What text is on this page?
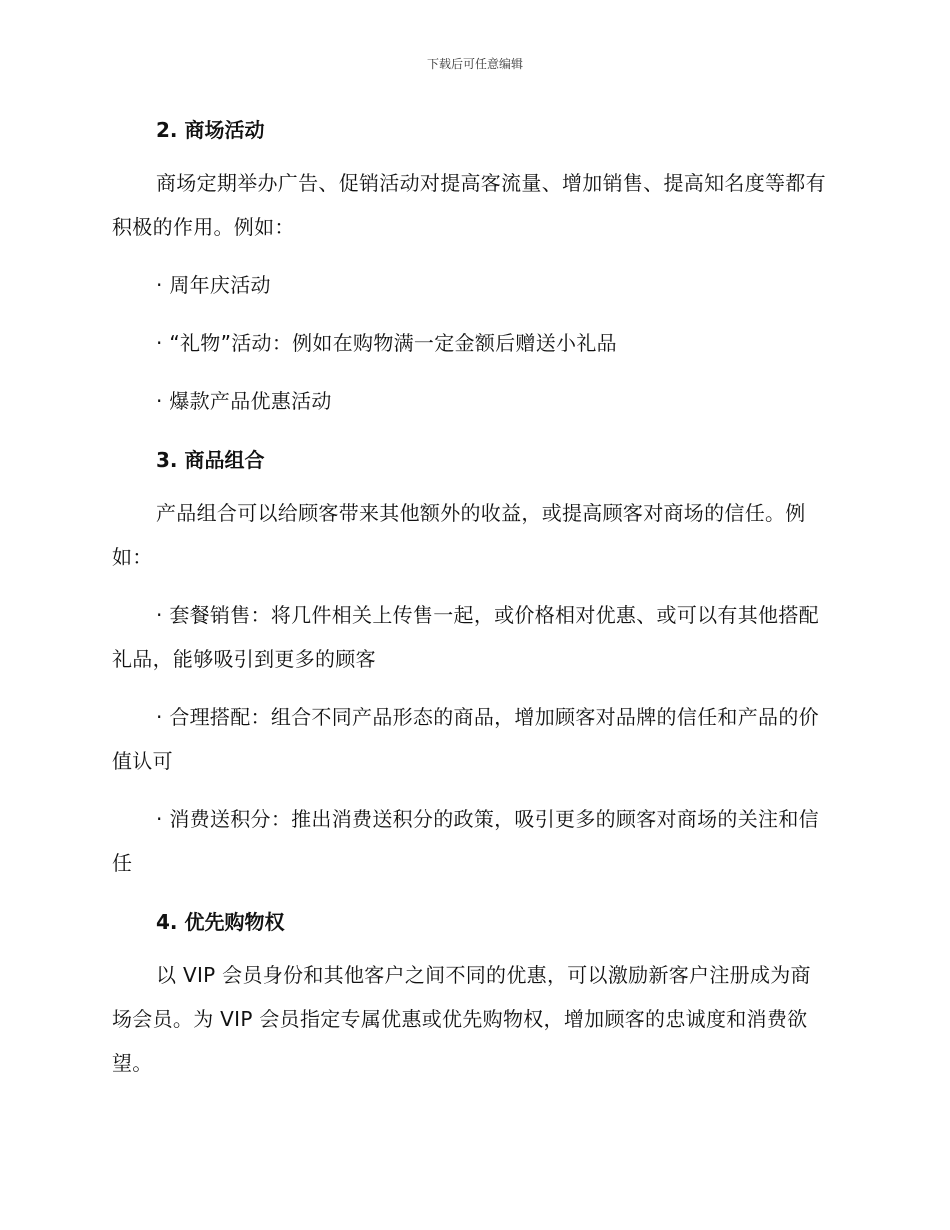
下载后可任意编辑
2. 商场活动

商场定期举办广告、促销活动对提高客流量、增加销售、提高知名度等都有积极的作用。例如：

· 周年庆活动

· “礼物”活动：例如在购物满一定金额后赠送小礼品

· 爆款产品优惠活动

3. 商品组合

产品组合可以给顾客带来其他额外的收益，或提高顾客对商场的信任。例如：

· 套餐销售：将几件相关上传售一起，或价格相对优惠、或可以有其他搭配礼品，能够吸引到更多的顾客

· 合理搭配：组合不同产品形态的商品，增加顾客对品牌的信任和产品的价值认可

· 消费送积分：推出消费送积分的政策，吸引更多的顾客对商场的关注和信任

4. 优先购物权

以 VIP 会员身份和其他客户之间不同的优惠，可以激励新客户注册成为商场会员。为 VIP 会员指定专属优惠或优先购物权，增加顾客的忠诚度和消费欲望。
